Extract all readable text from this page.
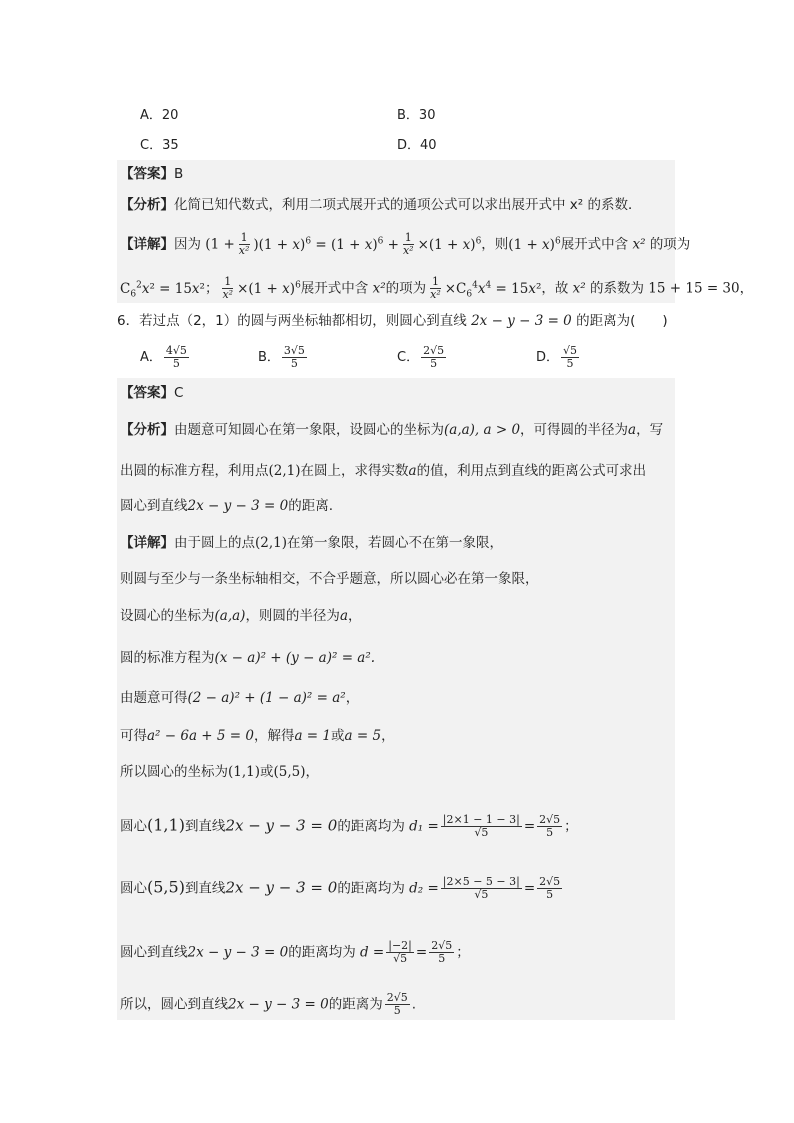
A．20	B．30
C．35	D．40
【答案】B
【分析】化简已知代数式，利用二项式展开式的通项公式可以求出展开式中 x² 的系数．
【详解】因为 $(1 + \frac{1}{\text{x²}} )(1 + x)^6 = (1 + x)^6 + \frac{1}{\text{x²}} \times(1 + x)^6$，则$(1 + x)^6$展开式中含 x² 的项为
$C_6^2x^2 = 15x^2$； $\frac{1}{\text{x²}} \times(1 + x)^6$展开式中含 x²的项为 $\frac{1}{\text{x²}} \times C_6^4x^4 = 15x^2$，故 x² 的系数为 15 + 15 = 30，
6．若过点（2，1）的圆与两坐标轴都相切，则圆心到直线 2x − y − 3 = 0 的距离为(　　)
A． $\frac{4√5}{5}$	B． $\frac{3√5}{5}$	C． $\frac{2√5}{5}$	D． $\frac{√5}{5}$
【答案】C
【分析】由题意可知圆心在第一象限，设圆心的坐标为(a,a), a > 0，可得圆的半径为a，写
出圆的标准方程，利用点(2,1)在圆上，求得实数a的值，利用点到直线的距离公式可求出
圆心到直线2x − y − 3 = 0的距离.
【详解】由于圆上的点(2,1)在第一象限，若圆心不在第一象限，
则圆与至少与一条坐标轴相交，不合乎题意，所以圆心必在第一象限，
设圆心的坐标为(a,a)，则圆的半径为a，
圆的标准方程为(x − a)² + (y − a)² = a².
由题意可得(2 − a)² + (1 − a)² = a²，
可得a² − 6a + 5 = 0，解得a = 1或a = 5，
所以圆心的坐标为(1,1)或(5,5)，
圆心(1,1)到直线2x − y − 3 = 0的距离均为 $d_1 = \frac{|2\times 1 - 1 - 3|}{√5} = \frac{2√5}{5}$ ；
圆心(5,5)到直线2x − y − 3 = 0的距离均为 $d_2 = \frac{|2\times 5 - 5 - 3|}{√5} = \frac{2√5}{5}$
圆心到直线2x − y − 3 = 0的距离均为 $d = \frac{|-2|}{√5} = \frac{2√5}{5}$ ；
所以，圆心到直线2x − y − 3 = 0的距离为 $\frac{2√5}{5}$ .
